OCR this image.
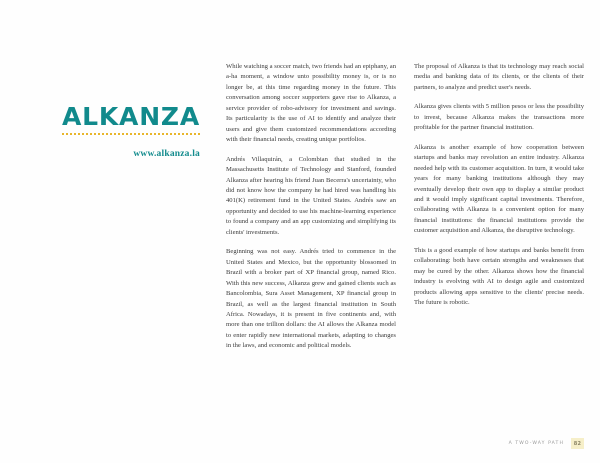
ALKANZA
www.alkanza.la

While watching a soccer match, two friends had an epiphany, an a-ha moment, a window unto possibility money is, or is no longer be, at this time regarding money in the future. This conversation among soccer supporters gave rise to Alkanza, a service provider of robo-advisory for investment and savings. Its particularity is the use of AI to identify and analyze their users and give them customized recommendations according with their financial needs, creating unique portfolios.

Andrés Villaquirán, a Colombian that studied in the Massachusetts Institute of Technology and Stanford, founded Alkanza after hearing his friend Juan Becerra's uncertainty, who did not know how the company he had hired was handling his 401(K) retirement fund in the United States. Andrés saw an opportunity and decided to use his machine-learning experience to found a company and an app customizing and simplifying its clients' investments.

Beginning was not easy. Andrés tried to commence in the United States and Mexico, but the opportunity blossomed in Brazil with a broker part of XP financial group, named Rico. With this new success, Alkanza grew and gained clients such as Bancolombia, Sura Asset Management, XP financial group in Brazil, as well as the largest financial institution in South Africa. Nowadays, it is present in five continents and, with more than one trillion dollars: the AI allows the Alkanza model to enter rapidly new international markets, adapting to changes in the laws, and economic and political models.

The proposal of Alkanza is that its technology may reach social media and banking data of its clients, or the clients of their partners, to analyze and predict user's needs.

Alkanza gives clients with 5 million pesos or less the possibility to invest, because Alkanza makes the transactions more profitable for the partner financial institution.

Alkanza is another example of how cooperation between startups and banks may revolution an entire industry. Alkanza needed help with its customer acquisition. In turn, it would take years for many banking institutions although they may eventually develop their own app to display a similar product and it would imply significant capital investments. Therefore, collaborating with Alkanza is a convenient option for many financial institutions: the financial institutions provide the customer acquisition and Alkanza, the disruptive technology.

This is a good example of how startups and banks benefit from collaborating: both have certain strengths and weaknesses that may be cured by the other. Alkanza shows how the financial industry is evolving with AI to design agile and customized products allowing apps sensitive to the clients' precise needs. The future is robotic.

A TWO-WAY PATH	82
